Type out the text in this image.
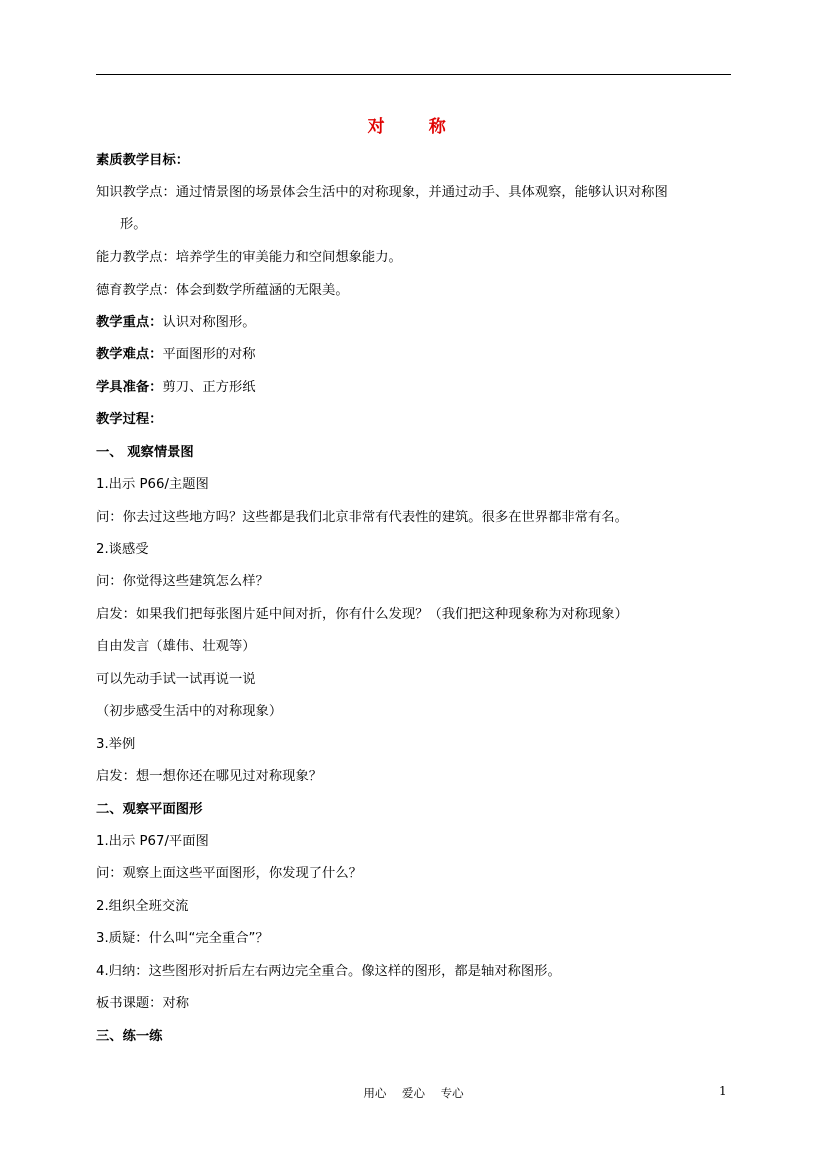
对　称
素质教学目标：
知识教学点：通过情景图的场景体会生活中的对称现象，并通过动手、具体观察，能够认识对称图
形。
能力教学点：培养学生的审美能力和空间想象能力。
德育教学点：体会到数学所蕴涵的无限美。
教学重点：认识对称图形。
教学难点：平面图形的对称
学具准备：剪刀、正方形纸
教学过程：
一、 观察情景图
1.出示 P66/主题图
问：你去过这些地方吗？这些都是我们北京非常有代表性的建筑。很多在世界都非常有名。
2.谈感受
问：你觉得这些建筑怎么样？
启发：如果我们把每张图片延中间对折，你有什么发现？（我们把这种现象称为对称现象）
自由发言（雄伟、壮观等）
可以先动手试一试再说一说
（初步感受生活中的对称现象）
3.举例
启发：想一想你还在哪见过对称现象？
二、观察平面图形
1.出示 P67/平面图
问：观察上面这些平面图形，你发现了什么？
2.组织全班交流
3.质疑：什么叫“完全重合”？
4.归纳：这些图形对折后左右两边完全重合。像这样的图形，都是轴对称图形。
板书课题：对称
三、练一练
用心 爱心 专心	1
